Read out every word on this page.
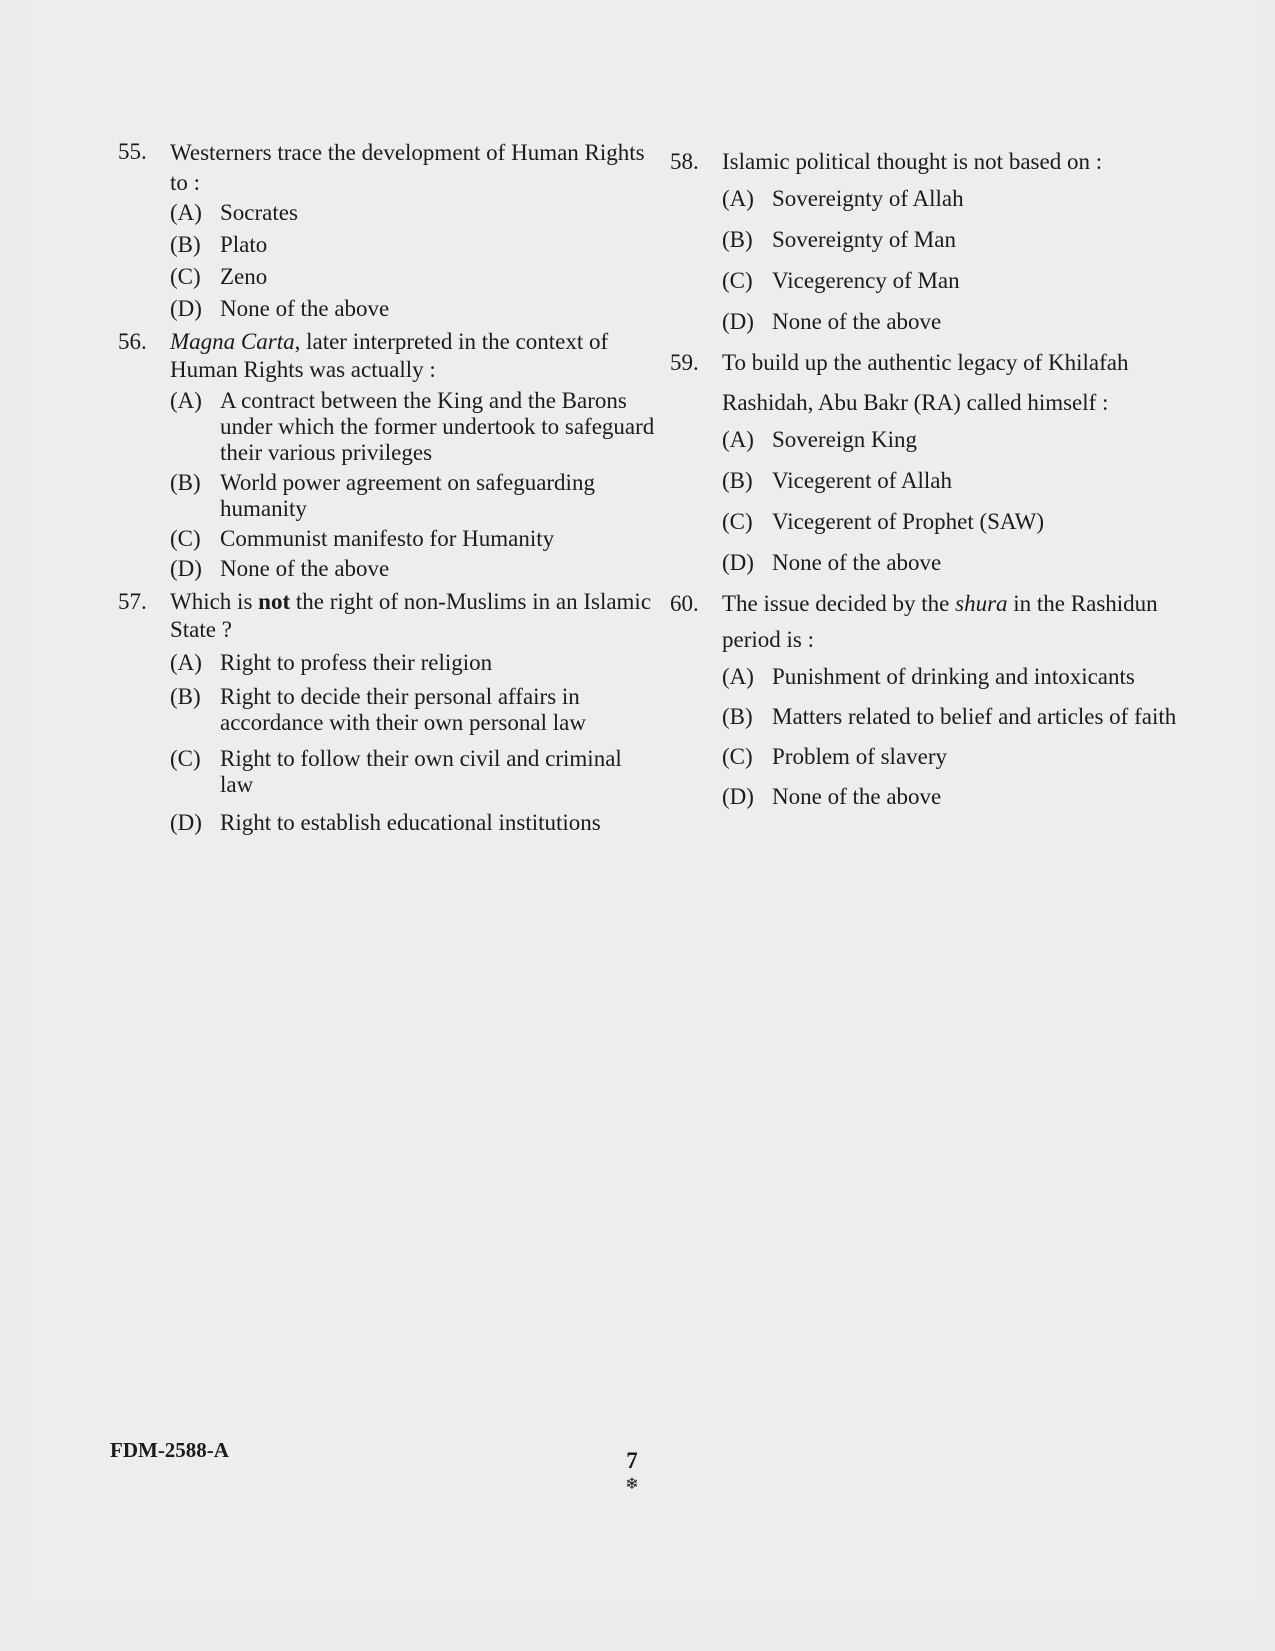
55.	Westerners trace the development of Human Rights to :
(A) Socrates
(B) Plato
(C) Zeno
(D) None of the above
56.	Magna Carta, later interpreted in the context of Human Rights was actually :
(A) A contract between the King and the Barons under which the former undertook to safeguard their various privileges
(B) World power agreement on safeguarding humanity
(C) Communist manifesto for Humanity
(D) None of the above
57.	Which is not the right of non-Muslims in an Islamic State ?
(A) Right to profess their religion
(B) Right to decide their personal affairs in accordance with their own personal law
(C) Right to follow their own civil and criminal law
(D) Right to establish educational institutions
58.	Islamic political thought is not based on :
(A) Sovereignty of Allah
(B) Sovereignty of Man
(C) Vicegerency of Man
(D) None of the above
59.	To build up the authentic legacy of Khilafah Rashidah, Abu Bakr (RA) called himself :
(A) Sovereign King
(B) Vicegerent of Allah
(C) Vicegerent of Prophet (SAW)
(D) None of the above
60.	The issue decided by the shura in the Rashidun period is :
(A) Punishment of drinking and intoxicants
(B) Matters related to belief and articles of faith
(C) Problem of slavery
(D) None of the above
FDM-2588-A	7
❄
